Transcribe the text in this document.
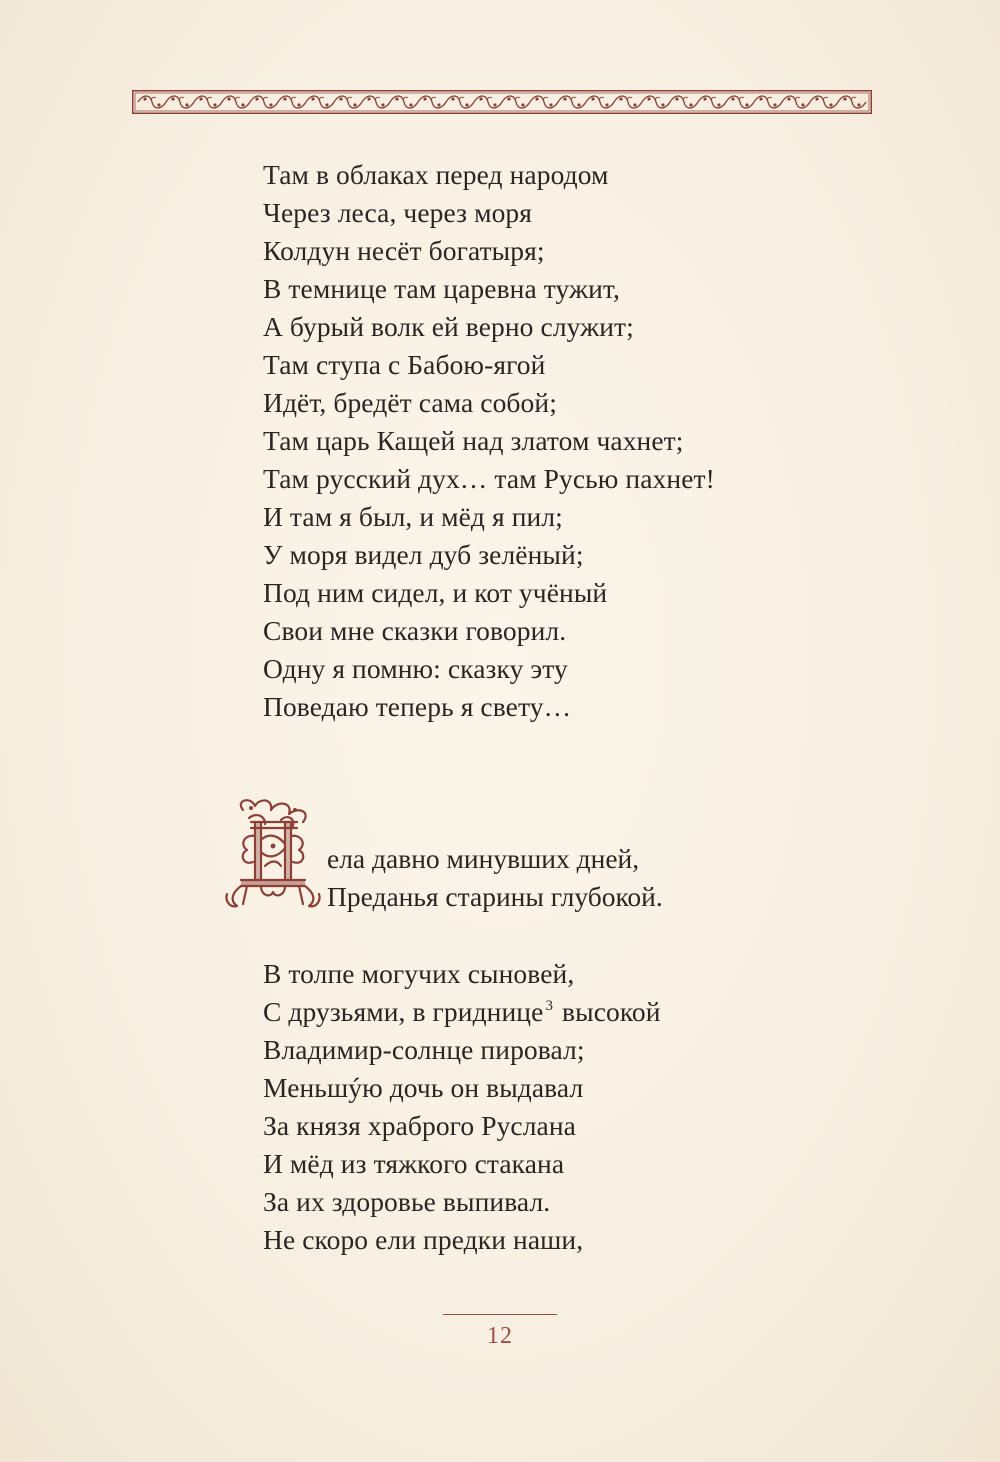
Там в облаках перед народом
Через леса, через моря
Колдун несёт богатыря;
В темнице там царевна тужит,
А бурый волк ей верно служит;
Там ступа с Бабою-ягой
Идёт, бредёт сама собой;
Там царь Кащей над златом чахнет;
Там русский дух… там Русью пахнет!
И там я был, и мёд я пил;
У моря видел дуб зелёный;
Под ним сидел, и кот учёный
Свои мне сказки говорил.
Одну я помню: сказку эту
Поведаю теперь я свету…
ела давно минувших дней,
Преданья старины глубокой.
В толпе могучих сыновей,
С друзьями, в гриднице $^3$ высокой
Владимир-солнце пировал;
Меньшýю дочь он выдавал
За князя храброго Руслана
И мёд из тяжкого стакана
За их здоровье выпивал.
Не скоро ели предки наши,
12
